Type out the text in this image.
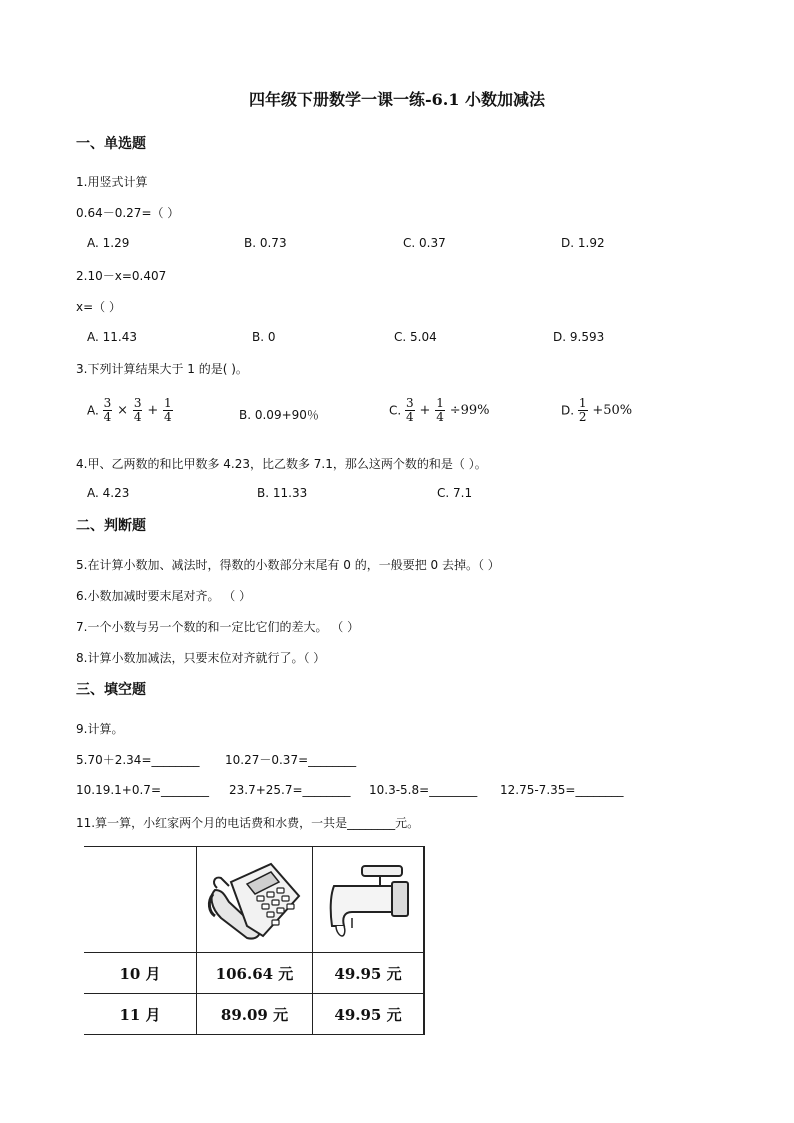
四年级下册数学一课一练-6.1 小数加减法
一、单选题
1.用竖式计算
0.64－0.27=（ ）
A. 1.29	B. 0.73	C. 0.37	D. 1.92
2.10－x=0.407
x=（ ）
A. 11.43	B. 0	C. 5.04	D. 9.593
3.下列计算结果大于 1 的是( )。
A. $\frac{3}{4} \times \frac{3}{4} + \frac{1}{4}$	B. 0.09+90％	C. $\frac{3}{4} + \frac{1}{4} \div 99\%$	D. $\frac{1}{2} +50\%$
4.甲、乙两数的和比甲数多 4.23，比乙数多 7.1，那么这两个数的和是（ ）。
A. 4.23	B. 11.33	C. 7.1
二、判断题
5.在计算小数加、减法时，得数的小数部分末尾有 0 的，一般要把 0 去掉。（ ）
6.小数加减时要末尾对齐。 （ ）
7.一个小数与另一个数的和一定比它们的差大。 （ ）
8.计算小数加减法，只要末位对齐就行了。（ ）
三、填空题
9.计算。
5.70＋2.34=________ 10.27－0.37=________
10.19.1+0.7=________ 23.7+25.7=________ 10.3-5.8=________ 12.75-7.35=________
11.算一算，小红家两个月的电话费和水费，一共是________元。

10 月	106.64 元	49.95 元
11 月	89.09 元	49.95 元
